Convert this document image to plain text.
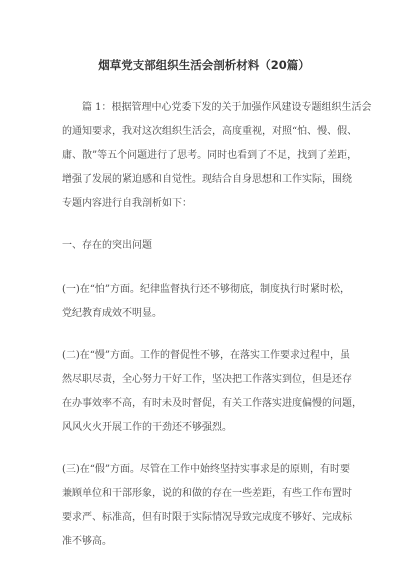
烟草党支部组织生活会剖析材料（20篇）

篇 1：根据管理中心党委下发的关于加强作风建设专题组织生活会

的通知要求，我对这次组织生活会，高度重视，对照“怕、慢、假、

庸、散”等五个问题进行了思考。同时也看到了不足，找到了差距，

增强了发展的紧迫感和自觉性。现结合自身思想和工作实际，围绕

专题内容进行自我剖析如下：

一、存在的突出问题

(一)在“怕”方面。纪律监督执行还不够彻底，制度执行时紧时松，

党纪教育成效不明显。

(二)在“慢”方面。工作的督促性不够，在落实工作要求过程中，虽

然尽职尽责，全心努力干好工作，坚决把工作落实到位，但是还存

在办事效率不高，有时未及时督促，有关工作落实进度偏慢的问题，

风风火火开展工作的干劲还不够强烈。

(三)在“假”方面。尽管在工作中始终坚持实事求是的原则，有时要

兼顾单位和干部形象，说的和做的存在一些差距，有些工作布置时

要求严、标准高，但有时限于实际情况导致完成度不够好、完成标

准不够高。
